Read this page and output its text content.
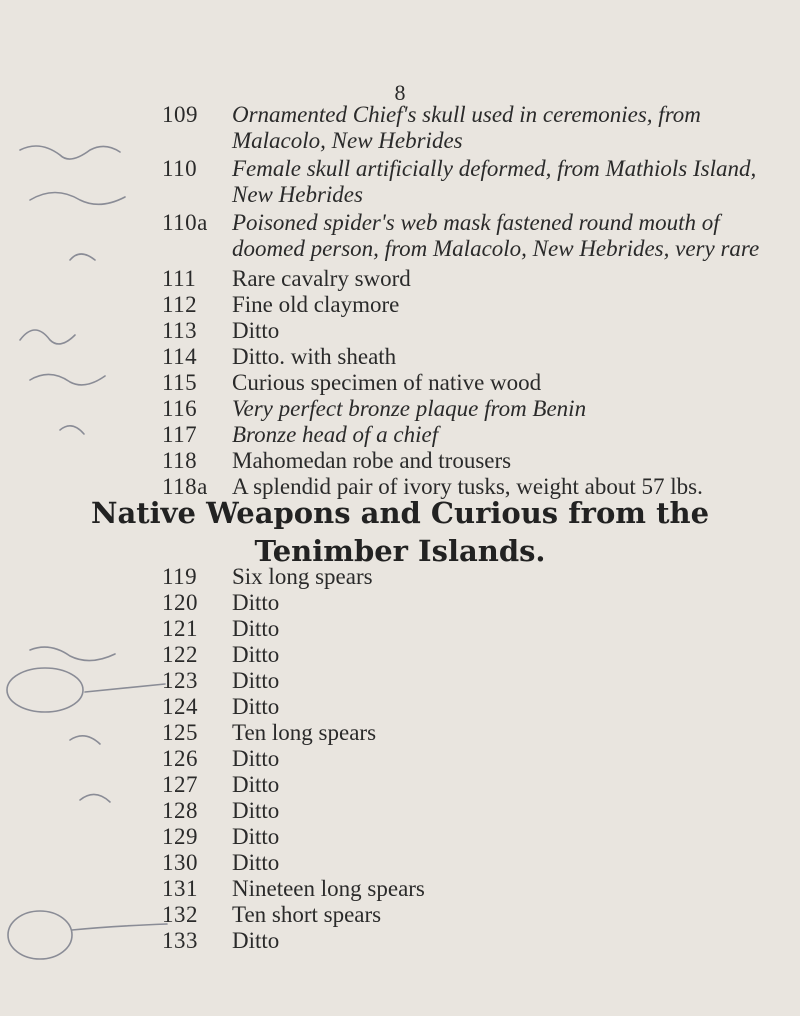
8
109 Ornamented Chief's skull used in ceremonies, from Malacolo, New Hebrides
110 Female skull artificially deformed, from Mathiols Island, New Hebrides
110a Poisoned spider's web mask fastened round mouth of doomed person, from Malacolo, New Hebrides, very rare
111 Rare cavalry sword
112 Fine old claymore
113 Ditto
114 Ditto. with sheath
115 Curious specimen of native wood
116 Very perfect bronze plaque from Benin
117 Bronze head of a chief
118 Mahomedan robe and trousers
118a A splendid pair of ivory tusks, weight about 57 lbs.
Native Weapons and Curious from the
Tenimber Islands.
119 Six long spears
120 Ditto
121 Ditto
122 Ditto
123 Ditto
124 Ditto
125 Ten long spears
126 Ditto
127 Ditto
128 Ditto
129 Ditto
130 Ditto
131 Nineteen long spears
132 Ten short spears
133 Ditto
